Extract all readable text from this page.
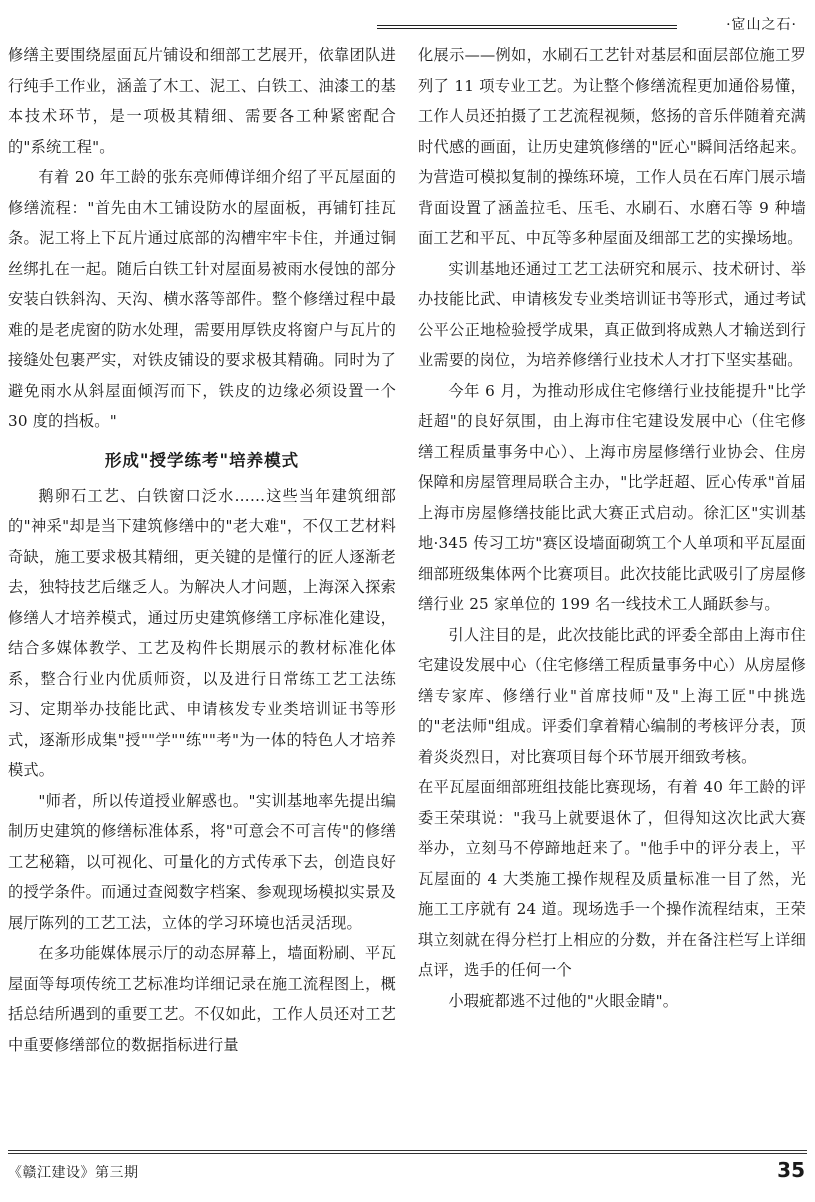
·宧山之石·

修缮主要围绕屋面瓦片铺设和细部工艺展开，依靠团队进行纯手工作业，涵盖了木工、泥工、白铁工、油漆工的基本技术环节，是一项极其精细、需要各工种紧密配合的"系统工程"。

有着 20 年工龄的张东亮师傅详细介绍了平瓦屋面的修缮流程："首先由木工铺设防水的屋面板，再铺钉挂瓦条。泥工将上下瓦片通过底部的沟槽牢牢卡住，并通过铜丝绑扎在一起。随后白铁工针对屋面易被雨水侵蚀的部分安装白铁斜沟、天沟、横水落等部件。整个修缮过程中最难的是老虎窗的防水处理，需要用厚铁皮将窗户与瓦片的接缝处包裹严实，对铁皮铺设的要求极其精确。同时为了避免雨水从斜屋面倾泻而下，铁皮的边缘必须设置一个 30 度的挡板。"

形成"授学练考"培养模式

鹅卵石工艺、白铁窗口泛水……这些当年建筑细部的"神采"却是当下建筑修缮中的"老大难"，不仅工艺材料奇缺，施工要求极其精细，更关键的是懂行的匠人逐渐老去，独特技艺后继乏人。为解决人才问题，上海深入探索修缮人才培养模式，通过历史建筑修缮工序标准化建设，结合多媒体教学、工艺及构件长期展示的教材标准化体系，整合行业内优质师资，以及进行日常练工艺工法练习、定期举办技能比武、申请核发专业类培训证书等形式，逐渐形成集"授""学""练""考"为一体的特色人才培养模式。

"师者，所以传道授业解惑也。"实训基地率先提出编制历史建筑的修缮标准体系，将"可意会不可言传"的修缮工艺秘籍，以可视化、可量化的方式传承下去，创造良好的授学条件。而通过查阅数字档案、参观现场模拟实景及展厅陈列的工艺工法，立体的学习环境也活灵活现。

在多功能媒体展示厅的动态屏幕上，墙面粉刷、平瓦屋面等每项传统工艺标准均详细记录在施工流程图上，概括总结所遇到的重要工艺。不仅如此，工作人员还对工艺中重要修缮部位的数据指标进行量

化展示——例如，水刷石工艺针对基层和面层部位施工罗列了 11 项专业工艺。为让整个修缮流程更加通俗易懂，工作人员还拍摄了工艺流程视频，悠扬的音乐伴随着充满时代感的画面，让历史建筑修缮的"匠心"瞬间活络起来。为营造可模拟复制的操练环境，工作人员在石库门展示墙背面设置了涵盖拉毛、压毛、水刷石、水磨石等 9 种墙面工艺和平瓦、中瓦等多种屋面及细部工艺的实操场地。

实训基地还通过工艺工法研究和展示、技术研讨、举办技能比武、申请核发专业类培训证书等形式，通过考试公平公正地检验授学成果，真正做到将成熟人才输送到行业需要的岗位，为培养修缮行业技术人才打下坚实基础。

今年 6 月，为推动形成住宅修缮行业技能提升"比学赶超"的良好氛围，由上海市住宅建设发展中心（住宅修缮工程质量事务中心）、上海市房屋修缮行业协会、住房保障和房屋管理局联合主办，"比学赶超、匠心传承"首届上海市房屋修缮技能比武大赛正式启动。徐汇区"实训基地·345 传习工坊"赛区设墙面砌筑工个人单项和平瓦屋面细部班级集体两个比赛项目。此次技能比武吸引了房屋修缮行业 25 家单位的 199 名一线技术工人踊跃参与。

引人注目的是，此次技能比武的评委全部由上海市住宅建设发展中心（住宅修缮工程质量事务中心）从房屋修缮专家库、修缮行业"首席技师"及"上海工匠"中挑选的"老法师"组成。评委们拿着精心编制的考核评分表，顶着炎炎烈日，对比赛项目每个环节展开细致考核。

在平瓦屋面细部班组技能比赛现场，有着 40 年工龄的评委王荣琪说："我马上就要退休了，但得知这次比武大赛举办，立刻马不停蹄地赶来了。"他手中的评分表上，平瓦屋面的 4 大类施工操作规程及质量标准一目了然，光施工工序就有 24 道。现场选手一个操作流程结束，王荣琪立刻就在得分栏打上相应的分数，并在备注栏写上详细点评，选手的任何一个

小瑕疵都逃不过他的"火眼金睛"。

《赣江建设》第三期	35
